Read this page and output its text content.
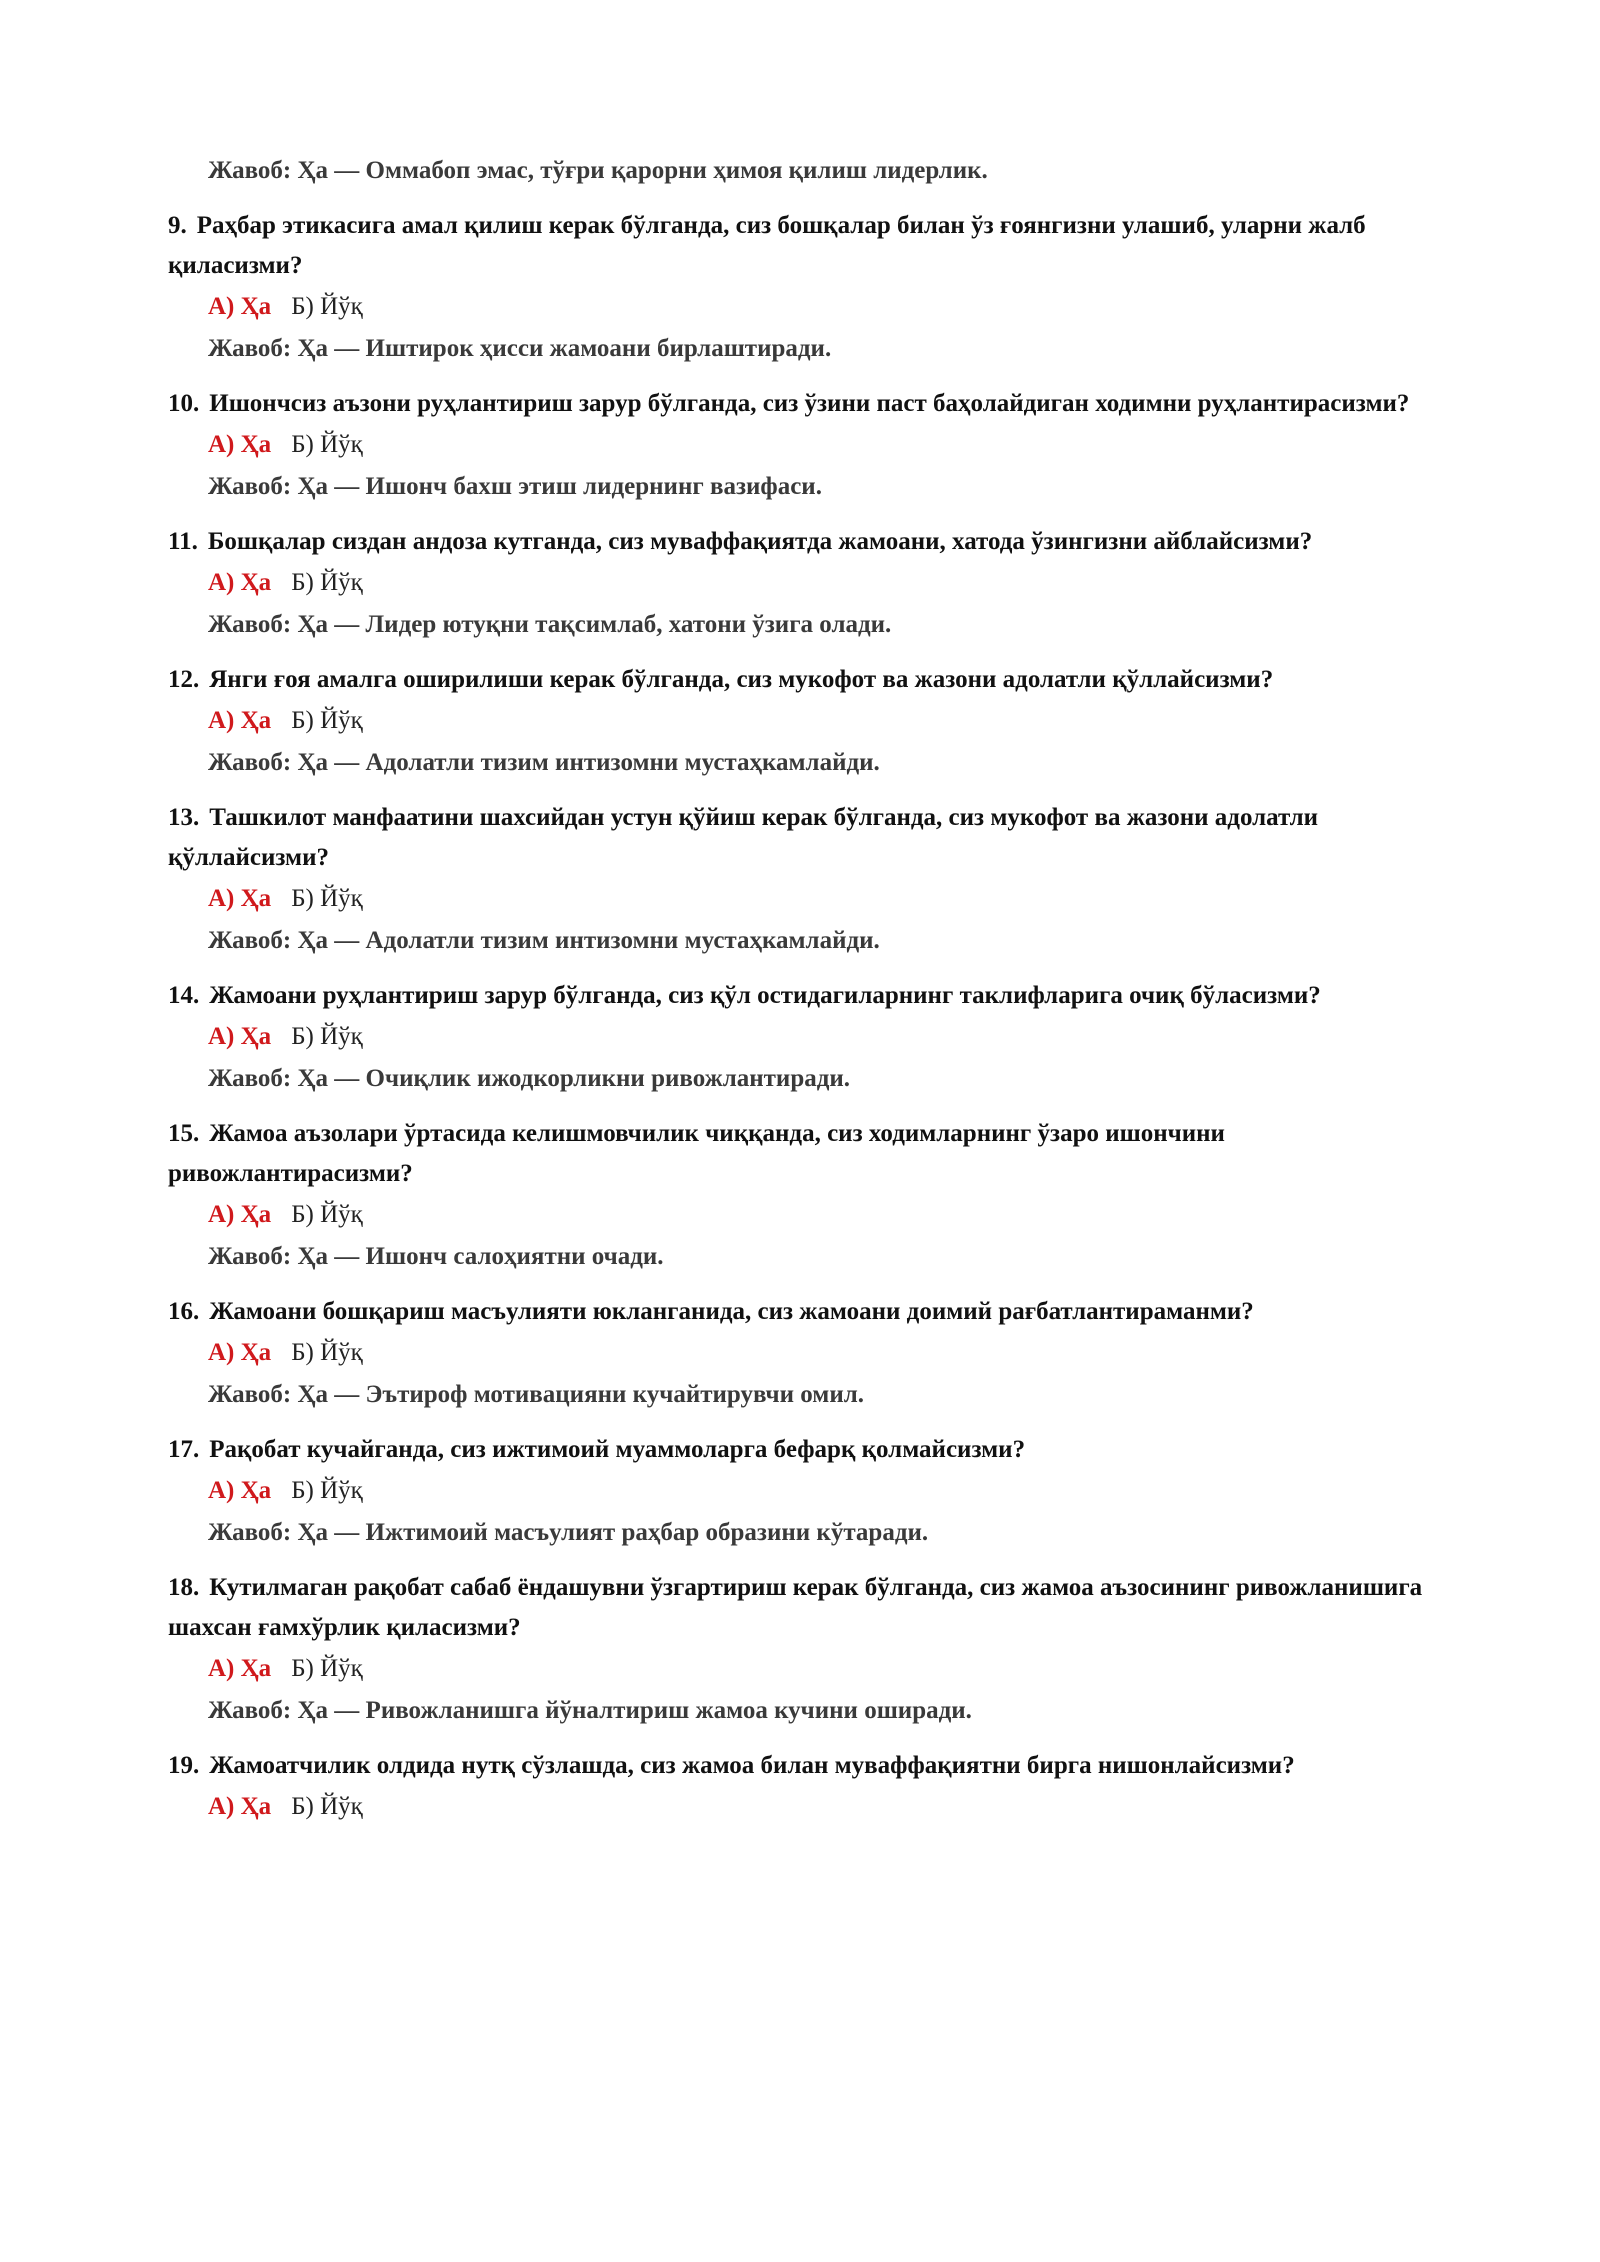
Жавоб: Ҳа — Оммабоп эмас, тўғри қарорни ҳимоя қилиш лидерлик.
9. Раҳбар этикасига амал қилиш керак бўлганда, сиз бошқалар билан ўз ғоянгизни улашиб, уларни жалб қиласизми?
А) Ҳа Б) Йўқ
Жавоб: Ҳа — Иштирок ҳисси жамоани бирлаштиради.
10. Ишончсиз аъзони руҳлантириш зарур бўлганда, сиз ўзини паст баҳолайдиган ходимни руҳлантирасизми?
А) Ҳа Б) Йўқ
Жавоб: Ҳа — Ишонч бахш этиш лидернинг вазифаси.
11. Бошқалар сиздан андоза кутганда, сиз муваффақиятда жамоани, хатода ўзингизни айблайсизми?
А) Ҳа Б) Йўқ
Жавоб: Ҳа — Лидер ютуқни тақсимлаб, хатони ўзига олади.
12. Янги ғоя амалга оширилиши керак бўлганда, сиз мукофот ва жазони адолатли қўллайсизми?
А) Ҳа Б) Йўқ
Жавоб: Ҳа — Адолатли тизим интизомни мустаҳкамлайди.
13. Ташкилот манфаатини шахсийдан устун қўйиш керак бўлганда, сиз мукофот ва жазони адолатли қўллайсизми?
А) Ҳа Б) Йўқ
Жавоб: Ҳа — Адолатли тизим интизомни мустаҳкамлайди.
14. Жамоани руҳлантириш зарур бўлганда, сиз қўл остидагиларнинг таклифларига очиқ бўласизми?
А) Ҳа Б) Йўқ
Жавоб: Ҳа — Очиқлик ижодкорликни ривожлантиради.
15. Жамоа аъзолари ўртасида келишмовчилик чиққанда, сиз ходимларнинг ўзаро ишончини ривожлантирасизми?
А) Ҳа Б) Йўқ
Жавоб: Ҳа — Ишонч салоҳиятни очади.
16. Жамоани бошқариш масъулияти юкланганида, сиз жамоани доимий рағбатлантираманми?
А) Ҳа Б) Йўқ
Жавоб: Ҳа — Эътироф мотивацияни кучайтирувчи омил.
17. Рақобат кучайганда, сиз ижтимоий муаммоларга бефарқ қолмайсизми?
А) Ҳа Б) Йўқ
Жавоб: Ҳа — Ижтимоий масъулият раҳбар образини кўтаради.
18. Кутилмаган рақобат сабаб ёндашувни ўзгартириш керак бўлганда, сиз жамоа аъзосининг ривожланишига шахсан ғамхўрлик қиласизми?
А) Ҳа Б) Йўқ
Жавоб: Ҳа — Ривожланишга йўналтириш жамоа кучини оширади.
19. Жамоатчилик олдида нутқ сўзлашда, сиз жамоа билан муваффақиятни бирга нишонлайсизми?
А) Ҳа Б) Йўқ
